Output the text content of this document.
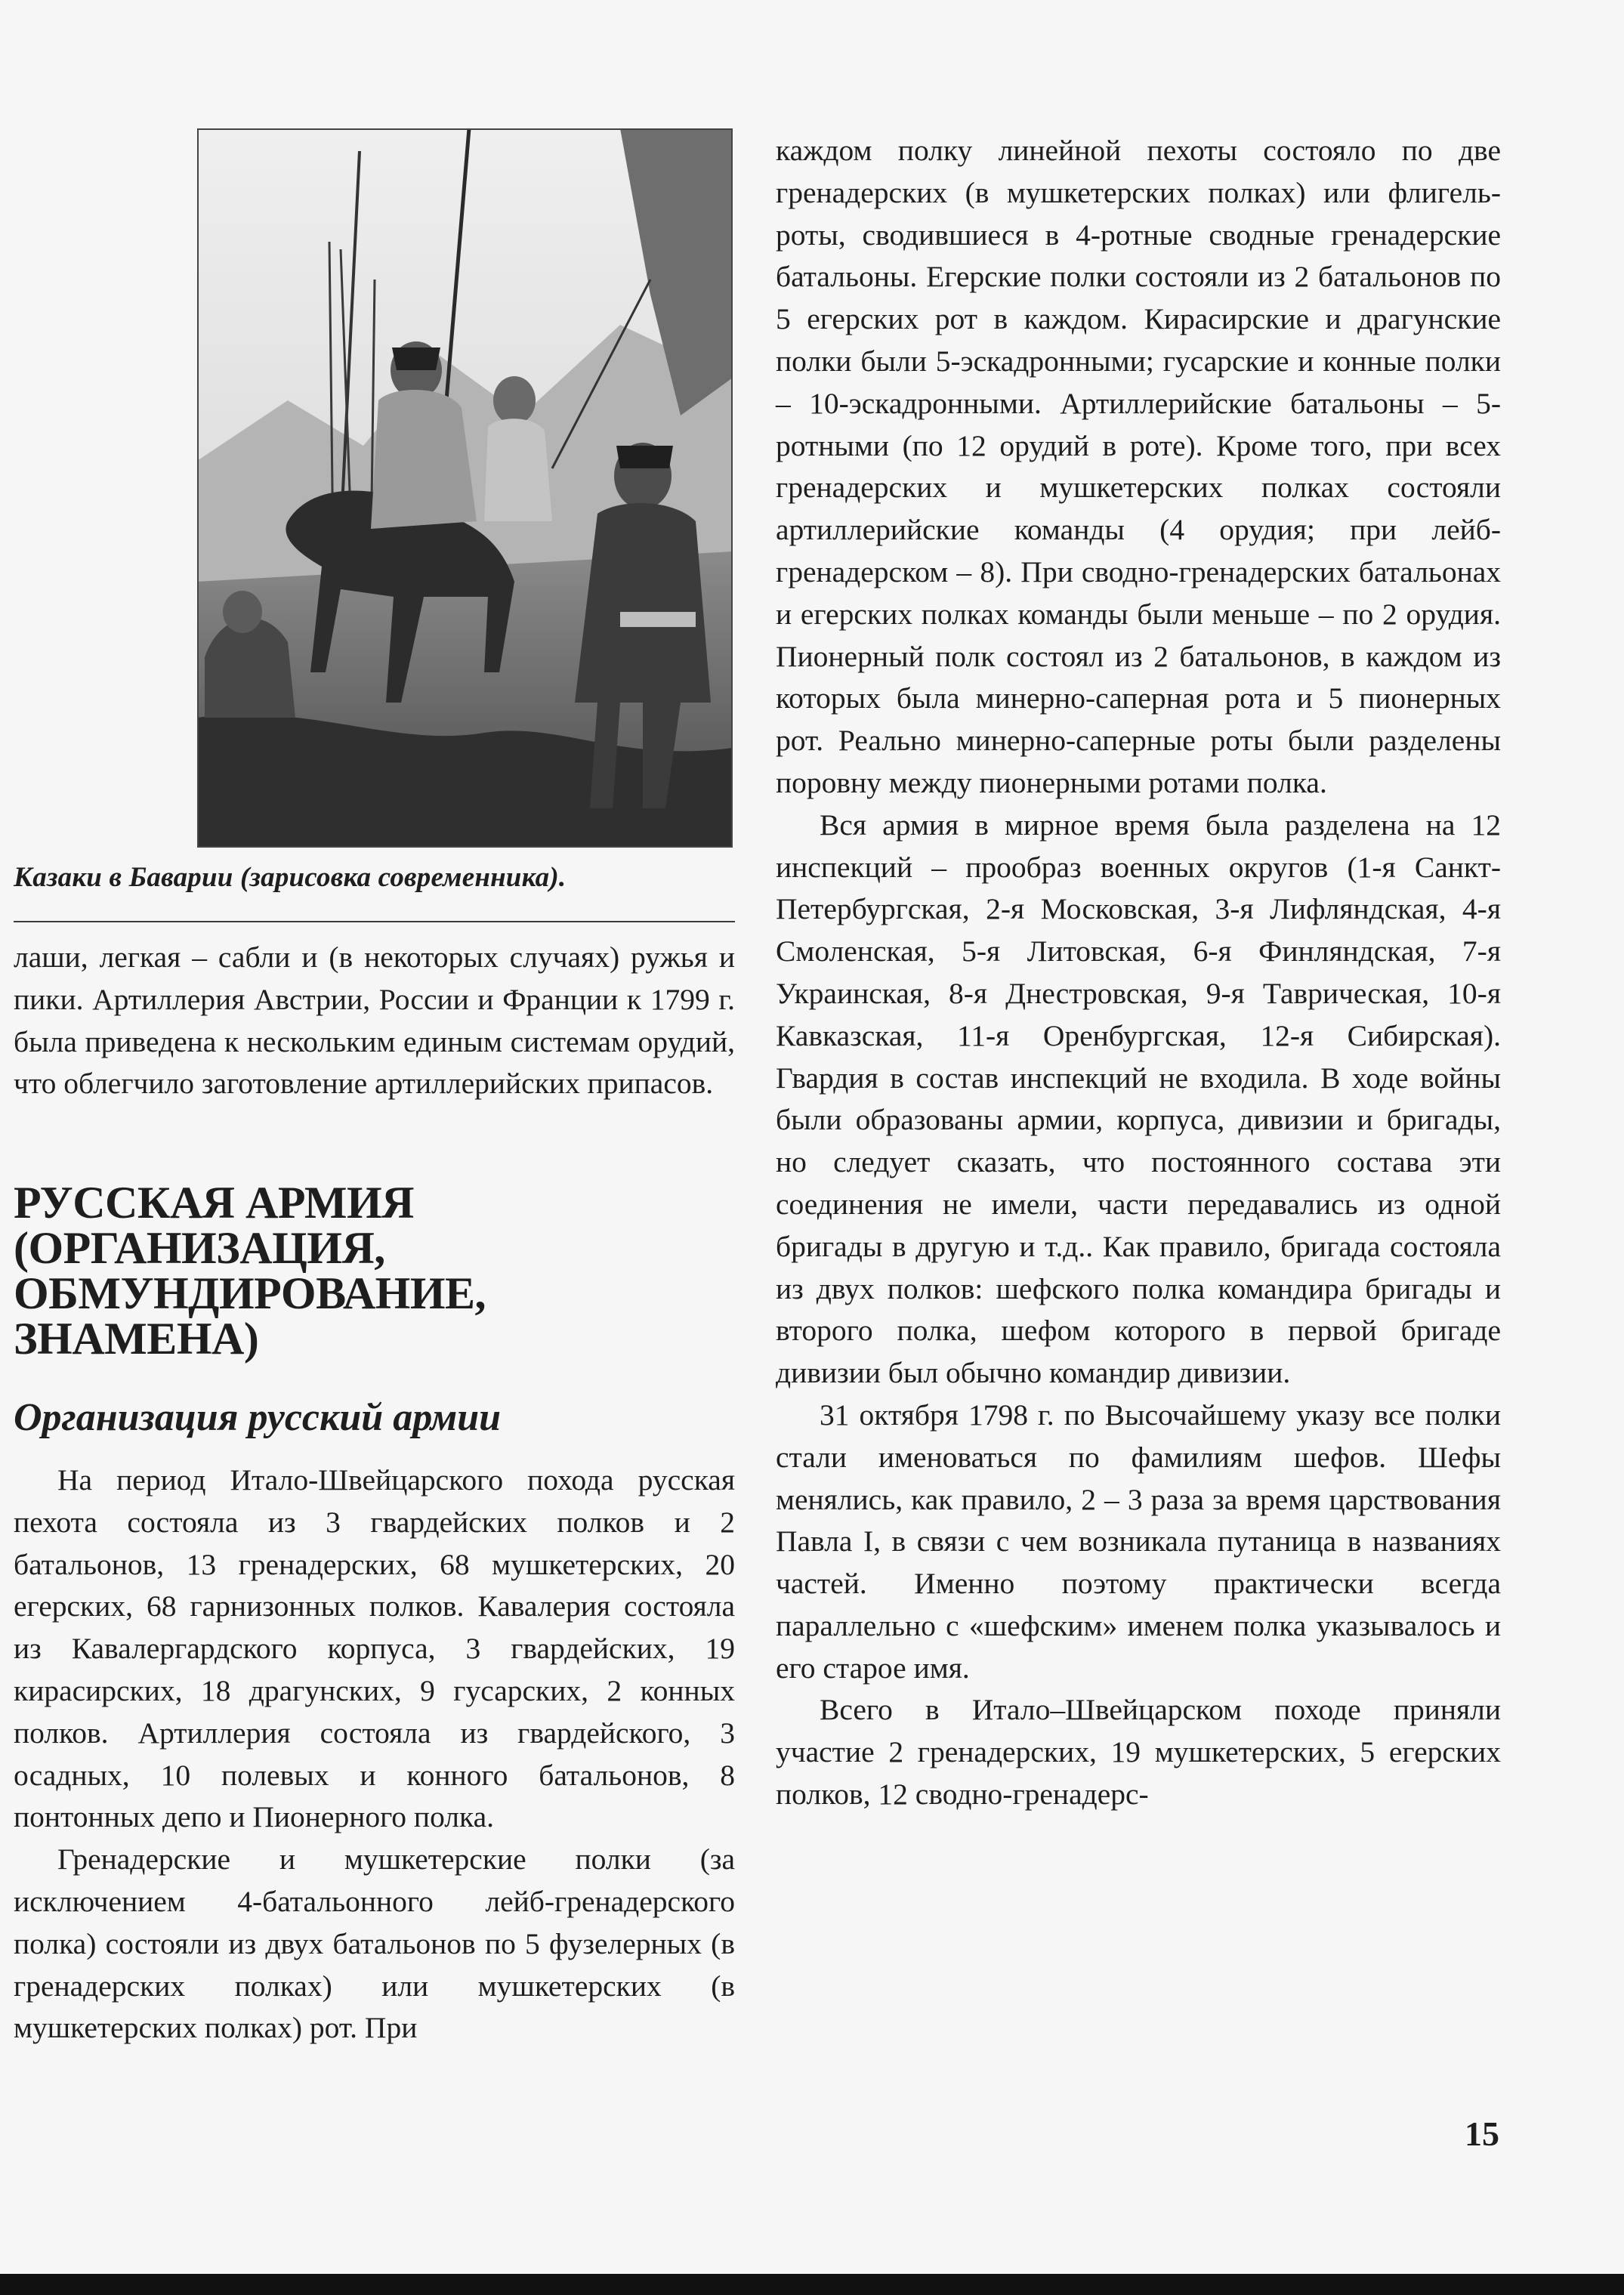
Казаки в Баварии (зарисовка современника).

лаши, легкая – сабли и (в некоторых случаях) ружья и пики. Артиллерия Австрии, России и Франции к 1799 г. была приведена к нескольким единым системам орудий, что облегчило заготовление артиллерийских припасов.

РУССКАЯ АРМИЯ
(ОРГАНИЗАЦИЯ,
ОБМУНДИРОВАНИЕ,
ЗНАМЕНА)
Организация русский армии

На период Итало-Швейцарского похода русская пехота состояла из 3 гвардейских полков и 2 батальонов, 13 гренадерских, 68 мушкетерских, 20 егерских, 68 гарнизонных полков. Кавалерия состояла из Кавалергардского корпуса, 3 гвардейских, 19 кирасирских, 18 драгунских, 9 гусарских, 2 конных полков. Артиллерия состояла из гвардейского, 3 осадных, 10 полевых и конного батальонов, 8 понтонных депо и Пионерного полка.

Гренадерские и мушкетерские полки (за исключением 4-батальонного лейб-гренадерского полка) состояли из двух батальонов по 5 фузелерных (в гренадерских полках) или мушкетерских (в мушкетерских полках) рот. При

каждом полку линейной пехоты состояло по две гренадерских (в мушкетерских полках) или флигель-роты, сводившиеся в 4-ротные сводные гренадерские батальоны. Егерские полки состояли из 2 батальонов по 5 егерских рот в каждом. Кирасирские и драгунские полки были 5-эскадронными; гусарские и конные полки – 10-эскадронными. Артиллерийские батальоны – 5-ротными (по 12 орудий в роте). Кроме того, при всех гренадерских и мушкетерских полках состояли артиллерийские команды (4 орудия; при лейб-гренадерском – 8). При сводно-гренадерских батальонах и егерских полках команды были меньше – по 2 орудия. Пионерный полк состоял из 2 батальонов, в каждом из которых была минерно-саперная рота и 5 пионерных рот. Реально минерно-саперные роты были разделены поровну между пионерными ротами полка.

Вся армия в мирное время была разделена на 12 инспекций – прообраз военных округов (1-я Санкт-Петербургская, 2-я Московская, 3-я Лифляндская, 4-я Смоленская, 5-я Литовская, 6-я Финляндская, 7-я Украинская, 8-я Днестровская, 9-я Таврическая, 10-я Кавказская, 11-я Оренбургская, 12-я Сибирская). Гвардия в состав инспекций не входила. В ходе войны были образованы армии, корпуса, дивизии и бригады, но следует сказать, что постоянного состава эти соединения не имели, части передавались из одной бригады в другую и т.д.. Как правило, бригада состояла из двух полков: шефского полка командира бригады и второго полка, шефом которого в первой бригаде дивизии был обычно командир дивизии.

31 октября 1798 г. по Высочайшему указу все полки стали именоваться по фамилиям шефов. Шефы менялись, как правило, 2 – 3 раза за время царствования Павла I, в связи с чем возникала путаница в названиях частей. Именно поэтому практически всегда параллельно с «шефским» именем полка указывалось и его старое имя.

Всего в Итало–Швейцарском походе приняли участие 2 гренадерских, 19 мушкетерских, 5 егерских полков, 12 сводно-гренадерс-

15
